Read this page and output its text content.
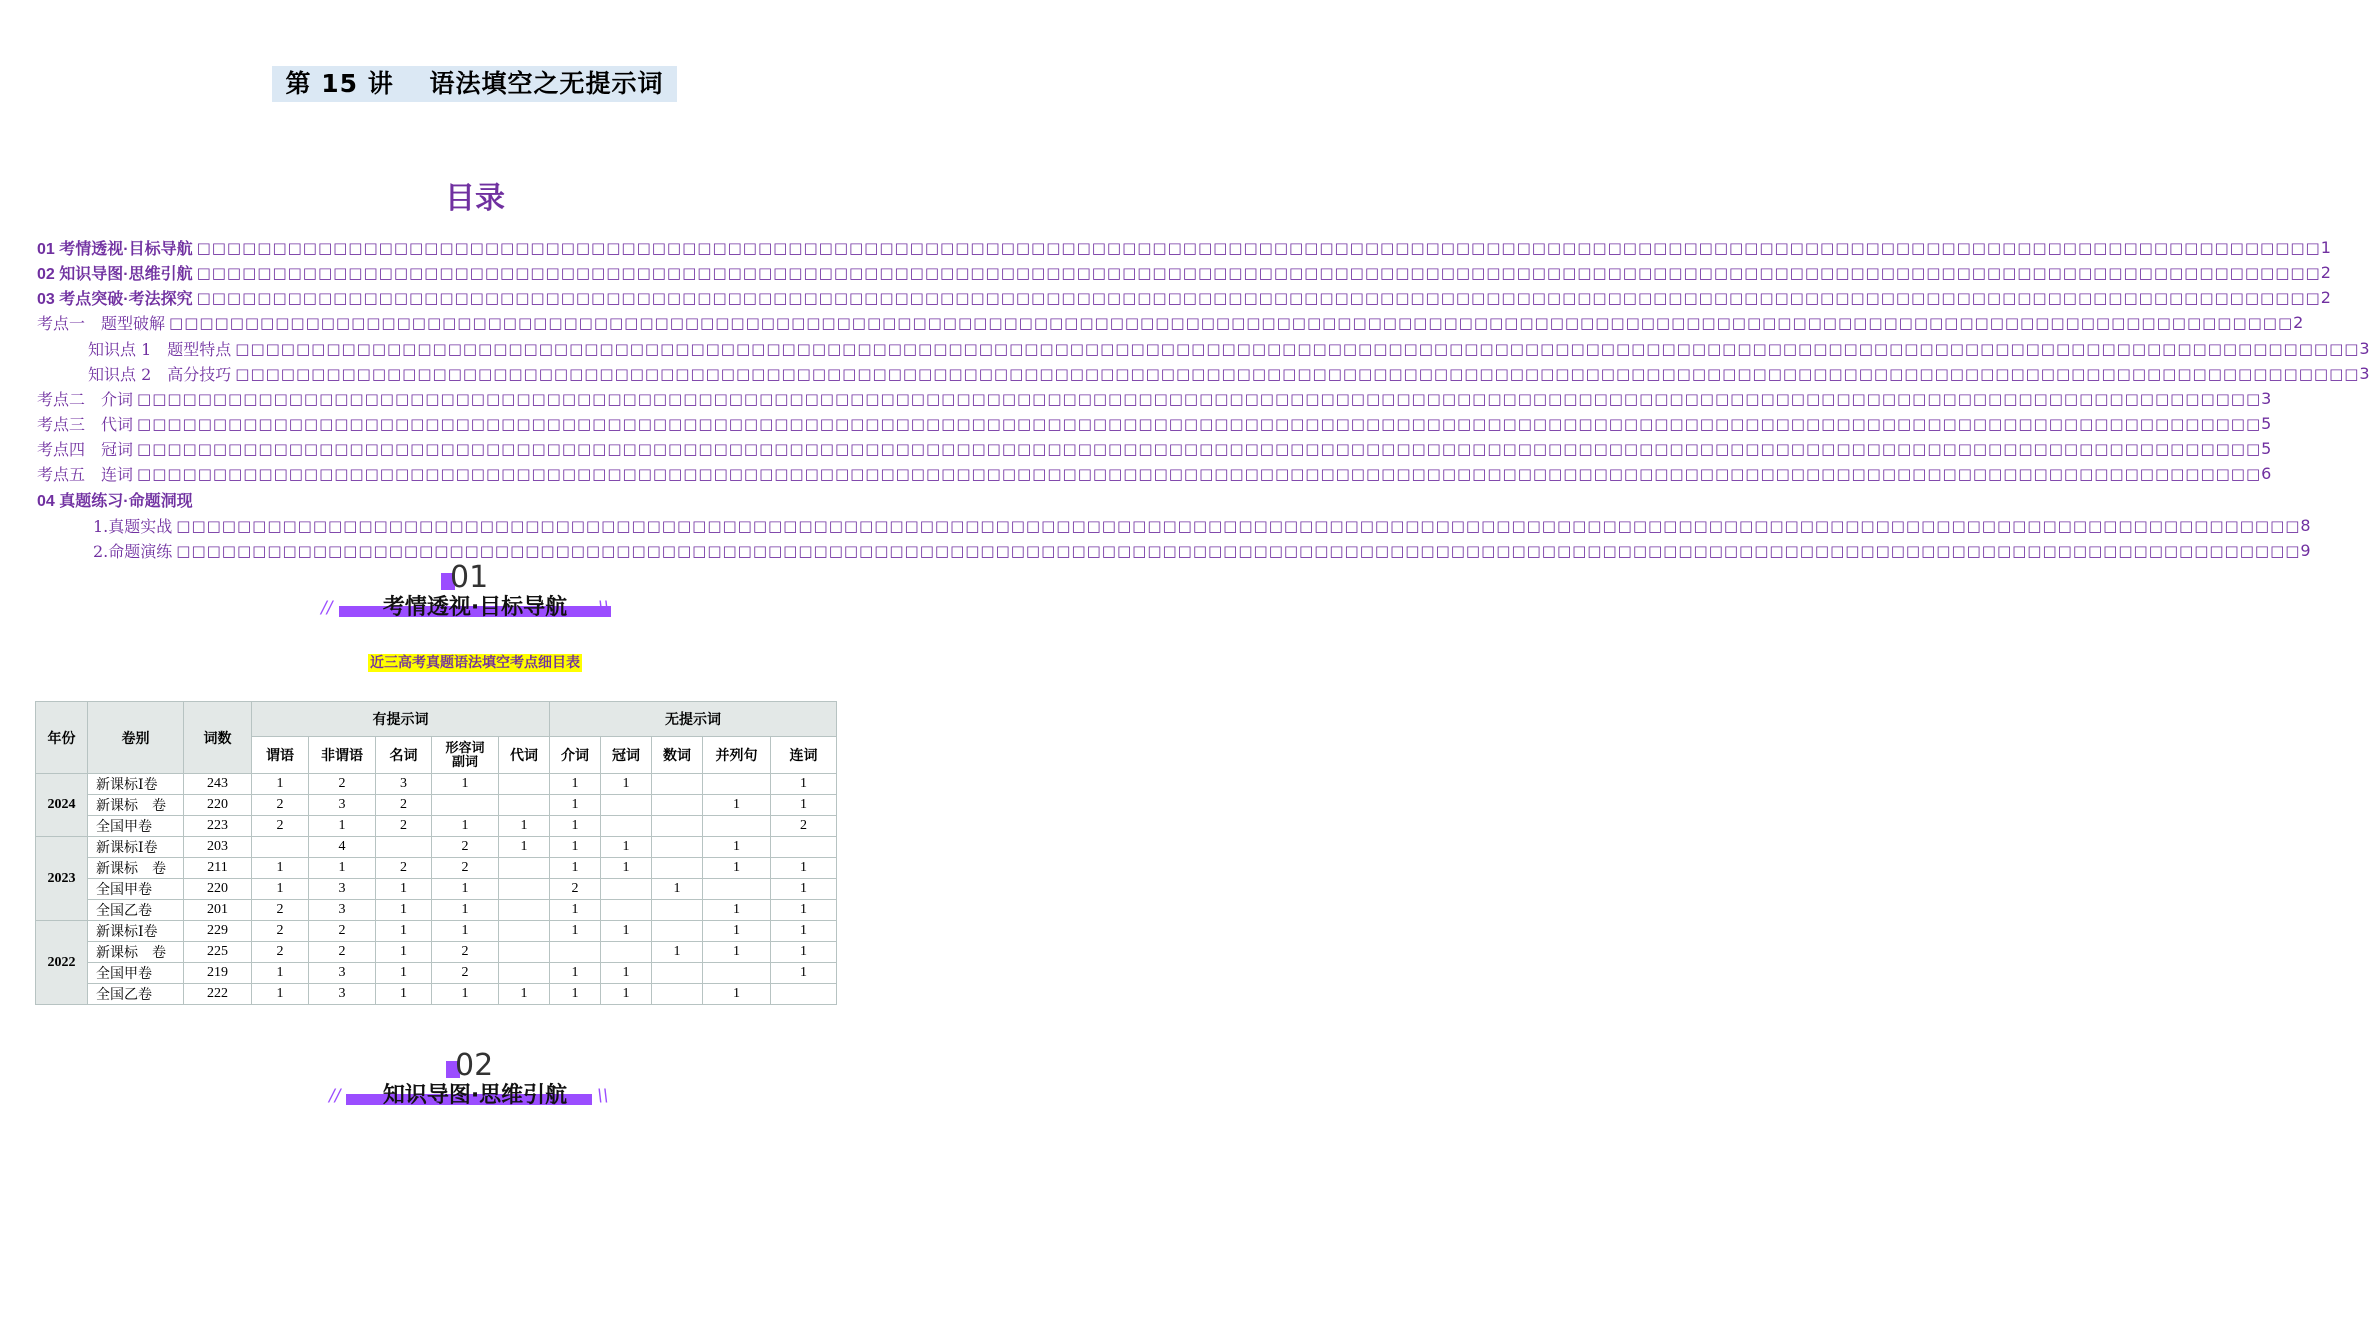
第 15 讲　 语法填空之无提示词
目录
01 考情透视·目标导航 □□□□□□□□□□□□□□□□□□□□□□□□□□□□□□□□□□□□□□□□□□□□□□□□□□□□□□□□□□□□□□□□□□□□□□□□□□□□□□□□□□□□□□□□□□□□□□□□□□□□□□□□□□□□□□□□□□□□□□□□□□□□□□□□□□□□□□□□□□□□ 1
02 知识导图·思维引航 □□□□□□□□□□□□□□□□□□□□□□□□□□□□□□□□□□□□□□□□□□□□□□□□□□□□□□□□□□□□□□□□□□□□□□□□□□□□□□□□□□□□□□□□□□□□□□□□□□□□□□□□□□□□□□□□□□□□□□□□□□□□□□□□□□□□□□□□□□□□ 2
03 考点突破·考法探究 □□□□□□□□□□□□□□□□□□□□□□□□□□□□□□□□□□□□□□□□□□□□□□□□□□□□□□□□□□□□□□□□□□□□□□□□□□□□□□□□□□□□□□□□□□□□□□□□□□□□□□□□□□□□□□□□□□□□□□□□□□□□□□□□□□□□□□□□□□□□ 2
考点一　题型破解 □□□□□□□□□□□□□□□□□□□□□□□□□□□□□□□□□□□□□□□□□□□□□□□□□□□□□□□□□□□□□□□□□□□□□□□□□□□□□□□□□□□□□□□□□□□□□□□□□□□□□□□□□□□□□□□□□□□□□□□□□□□□□□□□□□□□□□□□□□□□ 2
知识点 1　题型特点 □□□□□□□□□□□□□□□□□□□□□□□□□□□□□□□□□□□□□□□□□□□□□□□□□□□□□□□□□□□□□□□□□□□□□□□□□□□□□□□□□□□□□□□□□□□□□□□□□□□□□□□□□□□□□□□□□□□□□□□□□□□□□□□□□□□□□□□□□□□□ 3
知识点 2　高分技巧 □□□□□□□□□□□□□□□□□□□□□□□□□□□□□□□□□□□□□□□□□□□□□□□□□□□□□□□□□□□□□□□□□□□□□□□□□□□□□□□□□□□□□□□□□□□□□□□□□□□□□□□□□□□□□□□□□□□□□□□□□□□□□□□□□□□□□□□□□□□□ 3
考点二　介词 □□□□□□□□□□□□□□□□□□□□□□□□□□□□□□□□□□□□□□□□□□□□□□□□□□□□□□□□□□□□□□□□□□□□□□□□□□□□□□□□□□□□□□□□□□□□□□□□□□□□□□□□□□□□□□□□□□□□□□□□□□□□□□□□□□□□□□□□□□□□ 3
考点三　代词 □□□□□□□□□□□□□□□□□□□□□□□□□□□□□□□□□□□□□□□□□□□□□□□□□□□□□□□□□□□□□□□□□□□□□□□□□□□□□□□□□□□□□□□□□□□□□□□□□□□□□□□□□□□□□□□□□□□□□□□□□□□□□□□□□□□□□□□□□□□□ 5
考点四　冠词 □□□□□□□□□□□□□□□□□□□□□□□□□□□□□□□□□□□□□□□□□□□□□□□□□□□□□□□□□□□□□□□□□□□□□□□□□□□□□□□□□□□□□□□□□□□□□□□□□□□□□□□□□□□□□□□□□□□□□□□□□□□□□□□□□□□□□□□□□□□□ 5
考点五　连词 □□□□□□□□□□□□□□□□□□□□□□□□□□□□□□□□□□□□□□□□□□□□□□□□□□□□□□□□□□□□□□□□□□□□□□□□□□□□□□□□□□□□□□□□□□□□□□□□□□□□□□□□□□□□□□□□□□□□□□□□□□□□□□□□□□□□□□□□□□□□ 6
04 真题练习·命题洞现
1.真题实战 □□□□□□□□□□□□□□□□□□□□□□□□□□□□□□□□□□□□□□□□□□□□□□□□□□□□□□□□□□□□□□□□□□□□□□□□□□□□□□□□□□□□□□□□□□□□□□□□□□□□□□□□□□□□□□□□□□□□□□□□□□□□□□□□□□□□□□□□□□□□ 8
2.命题演练 □□□□□□□□□□□□□□□□□□□□□□□□□□□□□□□□□□□□□□□□□□□□□□□□□□□□□□□□□□□□□□□□□□□□□□□□□□□□□□□□□□□□□□□□□□□□□□□□□□□□□□□□□□□□□□□□□□□□□□□□□□□□□□□□□□□□□□□□□□□□ 9
01
//	考情透视·目标导航	\\
近三高考真题语法填空考点细目表
年份	卷别	词数	有提示词					无提示词				
			谓语	非谓语	名词	形容词副词	代词	介词	冠词	数词	并列句	连词
2024	新课标I卷	243	1	2	3	1		1	1			1
	新课标　卷	220	2	3	2			1			1	1
	全国甲卷	223	2	1	2	1	1	1				2
2023	新课标I卷	203		4		2	1	1	1		1	
	新课标　卷	211	1	1	2	2		1	1		1	1
	全国甲卷	220	1	3	1	1		2		1		1
	全国乙卷	201	2	3	1	1		1			1	1
2022	新课标I卷	229	2	2	1	1		1	1		1	1
	新课标　卷	225	2	2	1	2				1	1	1
	全国甲卷	219	1	3	1	2		1	1			1
	全国乙卷	222	1	3	1	1	1	1	1		1	
02
//	知识导图·思维引航	\\
